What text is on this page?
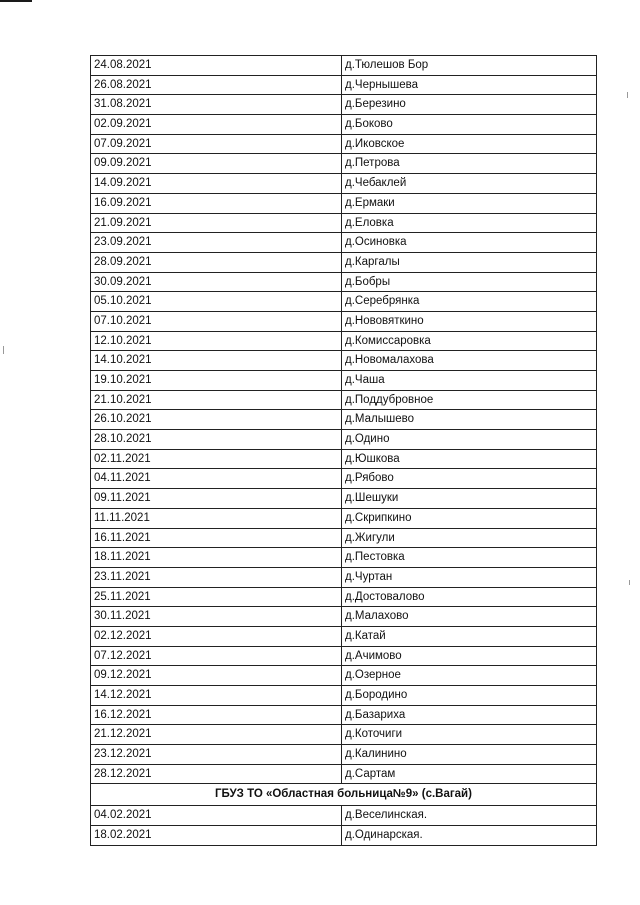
24.08.2021	д.Тюлешов Бор
26.08.2021	д.Чернышева
31.08.2021	д.Березино
02.09.2021	д.Боково
07.09.2021	д.Иковское
09.09.2021	д.Петрова
14.09.2021	д.Чебаклей
16.09.2021	д.Ермаки
21.09.2021	д.Еловка
23.09.2021	д.Осиновка
28.09.2021	д.Каргалы
30.09.2021	д.Бобры
05.10.2021	д.Серебрянка
07.10.2021	д.Нововяткино
12.10.2021	д.Комиссаровка
14.10.2021	д.Новомалахова
19.10.2021	д.Чаша
21.10.2021	д.Поддубровное
26.10.2021	д.Малышево
28.10.2021	д.Одино
02.11.2021	д.Юшкова
04.11.2021	д.Рябово
09.11.2021	д.Шешуки
11.11.2021	д.Скрипкино
16.11.2021	д.Жигули
18.11.2021	д.Пестовка
23.11.2021	д.Чуртан
25.11.2021	д.Достовалово
30.11.2021	д.Малахово
02.12.2021	д.Катай
07.12.2021	д.Ачимово
09.12.2021	д.Озерное
14.12.2021	д.Бородино
16.12.2021	д.Базариха
21.12.2021	д.Коточиги
23.12.2021	д.Калинино
28.12.2021	д.Сартам
ГБУЗ ТО «Областная больница№9» (с.Вагай)
04.02.2021	д.Веселинская.
18.02.2021	д.Одинарская.
